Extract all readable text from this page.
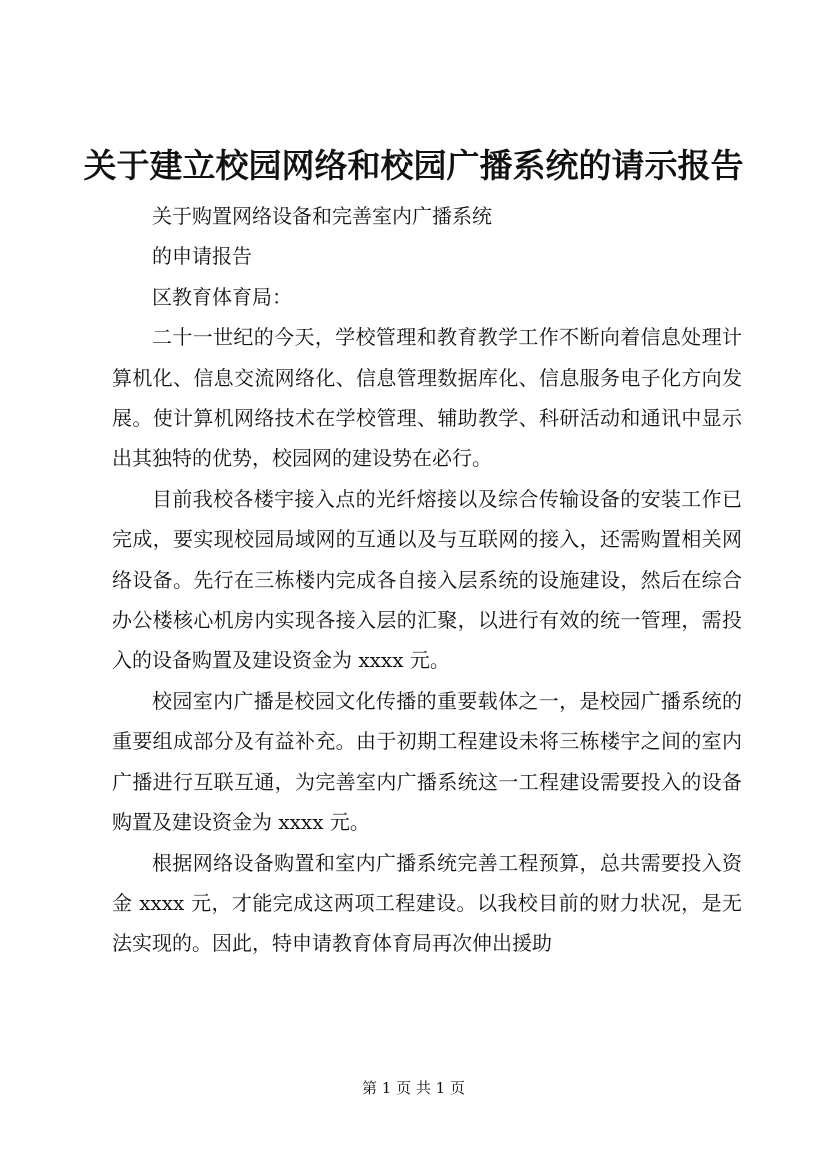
关于建立校园网络和校园广播系统的请示报告

关于购置网络设备和完善室内广播系统

的申请报告

区教育体育局：

二十一世纪的今天，学校管理和教育教学工作不断向着信息处理计算机化、信息交流网络化、信息管理数据库化、信息服务电子化方向发展。使计算机网络技术在学校管理、辅助教学、科研活动和通讯中显示出其独特的优势，校园网的建设势在必行。

目前我校各楼宇接入点的光纤熔接以及综合传输设备的安装工作已完成，要实现校园局域网的互通以及与互联网的接入，还需购置相关网络设备。先行在三栋楼内完成各自接入层系统的设施建设，然后在综合办公楼核心机房内实现各接入层的汇聚，以进行有效的统一管理，需投入的设备购置及建设资金为 xxxx 元。

校园室内广播是校园文化传播的重要载体之一，是校园广播系统的重要组成部分及有益补充。由于初期工程建设未将三栋楼宇之间的室内广播进行互联互通，为完善室内广播系统这一工程建设需要投入的设备购置及建设资金为 xxxx 元。

根据网络设备购置和室内广播系统完善工程预算，总共需要投入资金 xxxx 元，才能完成这两项工程建设。以我校目前的财力状况，是无法实现的。因此，特申请教育体育局再次伸出援助

第 1 页 共 1 页
